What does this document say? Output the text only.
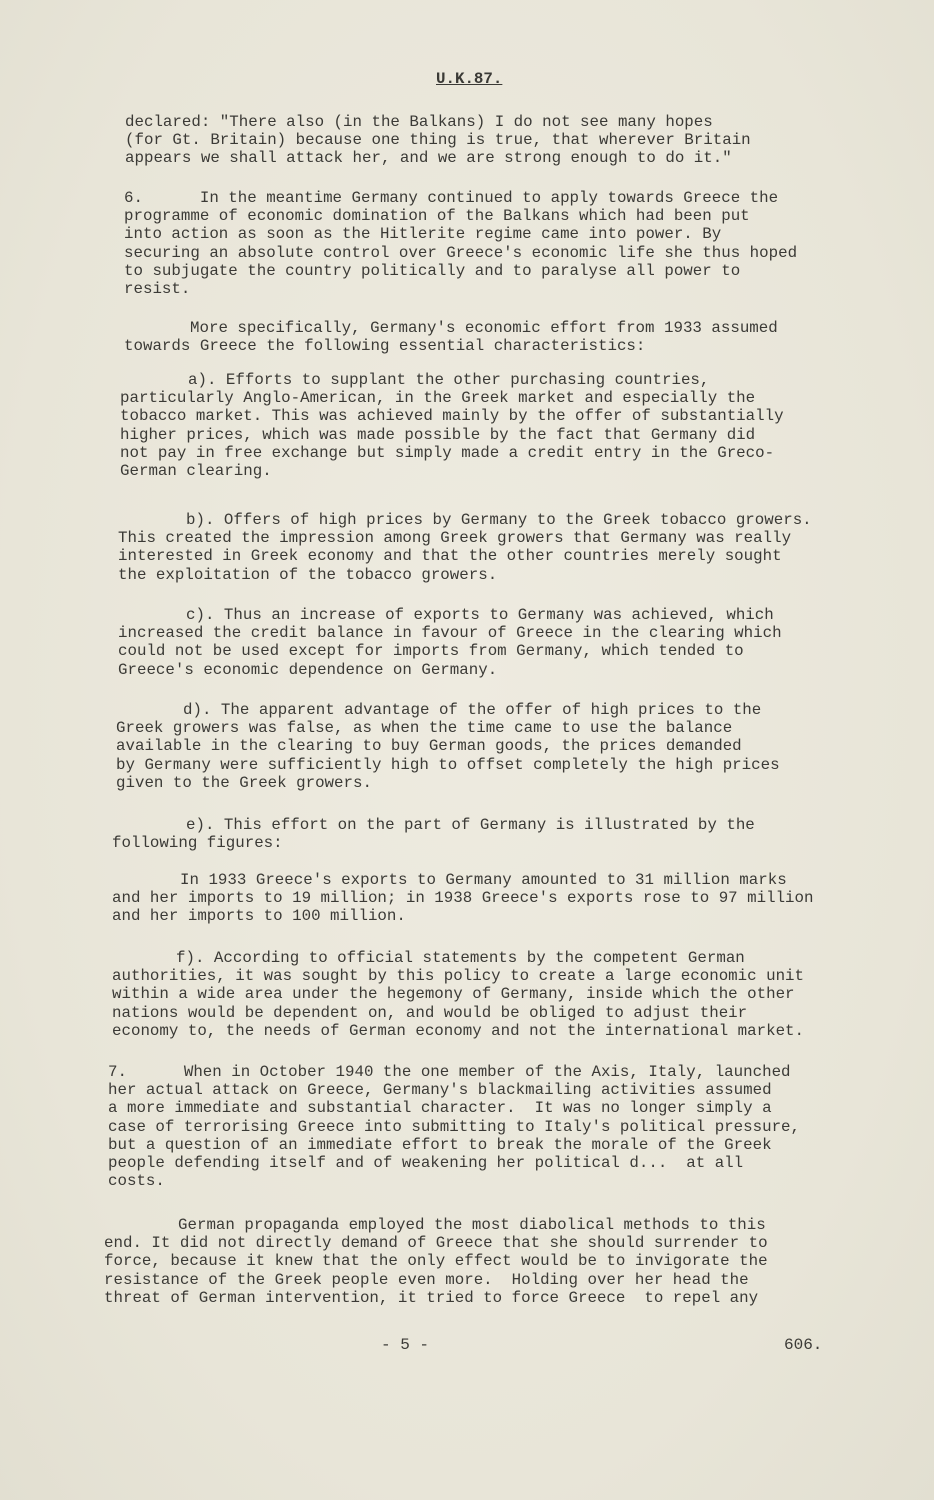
U.K.87.
declared: "There also (in the Balkans) I do not see many hopes
(for Gt. Britain) because one thing is true, that wherever Britain
appears we shall attack her, and we are strong enough to do it."
6.      In the meantime Germany continued to apply towards Greece the
programme of economic domination of the Balkans which had been put
into action as soon as the Hitlerite regime came into power. By
securing an absolute control over Greece's economic life she thus hoped
to subjugate the country politically and to paralyse all power to
resist.
More specifically, Germany's economic effort from 1933 assumed
towards Greece the following essential characteristics:
a). Efforts to supplant the other purchasing countries,
particularly Anglo-American, in the Greek market and especially the
tobacco market. This was achieved mainly by the offer of substantially
higher prices, which was made possible by the fact that Germany did
not pay in free exchange but simply made a credit entry in the Greco-
German clearing.
b). Offers of high prices by Germany to the Greek tobacco growers.
This created the impression among Greek growers that Germany was really
interested in Greek economy and that the other countries merely sought
the exploitation of the tobacco growers.
c). Thus an increase of exports to Germany was achieved, which
increased the credit balance in favour of Greece in the clearing which
could not be used except for imports from Germany, which tended to
Greece's economic dependence on Germany.
d). The apparent advantage of the offer of high prices to the
Greek growers was false, as when the time came to use the balance
available in the clearing to buy German goods, the prices demanded
by Germany were sufficiently high to offset completely the high prices
given to the Greek growers.
e). This effort on the part of Germany is illustrated by the
following figures:
In 1933 Greece's exports to Germany amounted to 31 million marks
and her imports to 19 million; in 1938 Greece's exports rose to 97 million
and her imports to 100 million.
f). According to official statements by the competent German
authorities, it was sought by this policy to create a large economic unit
within a wide area under the hegemony of Germany, inside which the other
nations would be dependent on, and would be obliged to adjust their
economy to, the needs of German economy and not the international market.
7.      When in October 1940 the one member of the Axis, Italy, launched
her actual attack on Greece, Germany's blackmailing activities assumed
a more immediate and substantial character.  It was no longer simply a
case of terrorising Greece into submitting to Italy's political pressure,
but a question of an immediate effort to break the morale of the Greek
people defending itself and of weakening her political d...  at all
costs.
German propaganda employed the most diabolical methods to this
end. It did not directly demand of Greece that she should surrender to
force, because it knew that the only effect would be to invigorate the
resistance of the Greek people even more.  Holding over her head the
threat of German intervention, it tried to force Greece  to repel any
- 5 -	606.
